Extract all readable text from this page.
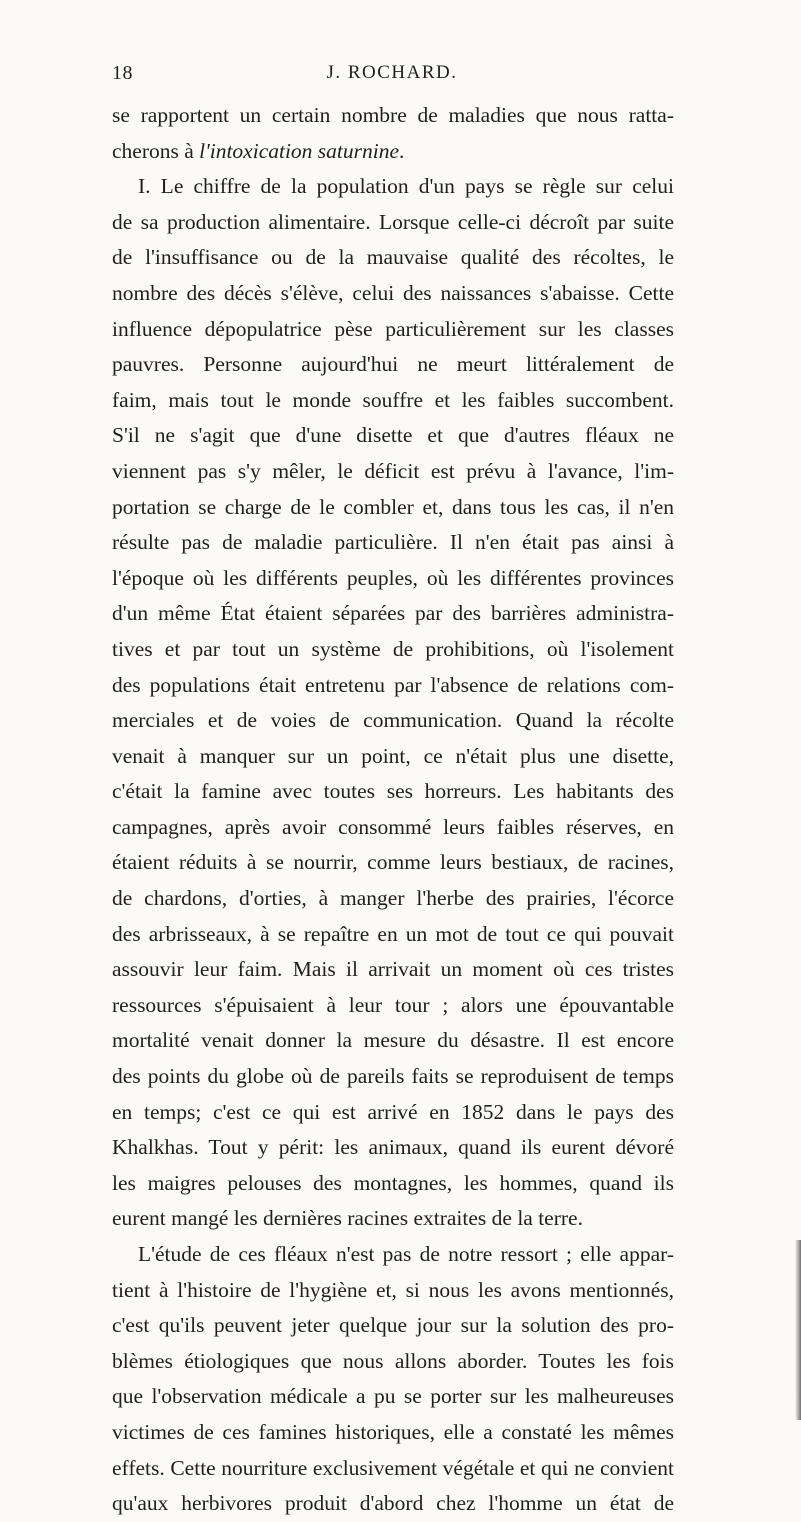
18	J. ROCHARD.
se rapportent un certain nombre de maladies que nous ratta-
cherons à l'intoxication saturnine.
I. Le chiffre de la population d'un pays se règle sur celui
de sa production alimentaire. Lorsque celle-ci décroît par suite
de l'insuffisance ou de la mauvaise qualité des récoltes, le
nombre des décès s'élève, celui des naissances s'abaisse. Cette
influence dépopulatrice pèse particulièrement sur les classes
pauvres. Personne aujourd'hui ne meurt littéralement de
faim, mais tout le monde souffre et les faibles succombent.
S'il ne s'agit que d'une disette et que d'autres fléaux ne
viennent pas s'y mêler, le déficit est prévu à l'avance, l'im-
portation se charge de le combler et, dans tous les cas, il n'en
résulte pas de maladie particulière. Il n'en était pas ainsi à
l'époque où les différents peuples, où les différentes provinces
d'un même État étaient séparées par des barrières administra-
tives et par tout un système de prohibitions, où l'isolement
des populations était entretenu par l'absence de relations com-
merciales et de voies de communication. Quand la récolte
venait à manquer sur un point, ce n'était plus une disette,
c'était la famine avec toutes ses horreurs. Les habitants des
campagnes, après avoir consommé leurs faibles réserves, en
étaient réduits à se nourrir, comme leurs bestiaux, de racines,
de chardons, d'orties, à manger l'herbe des prairies, l'écorce
des arbrisseaux, à se repaître en un mot de tout ce qui pouvait
assouvir leur faim. Mais il arrivait un moment où ces tristes
ressources s'épuisaient à leur tour ; alors une épouvantable
mortalité venait donner la mesure du désastre. Il est encore
des points du globe où de pareils faits se reproduisent de temps
en temps; c'est ce qui est arrivé en 1852 dans le pays des
Khalkhas. Tout y périt: les animaux, quand ils eurent dévoré
les maigres pelouses des montagnes, les hommes, quand ils
eurent mangé les dernières racines extraites de la terre.
L'étude de ces fléaux n'est pas de notre ressort ; elle appar-
tient à l'histoire de l'hygiène et, si nous les avons mentionnés,
c'est qu'ils peuvent jeter quelque jour sur la solution des pro-
blèmes étiologiques que nous allons aborder. Toutes les fois
que l'observation médicale a pu se porter sur les malheureuses
victimes de ces famines historiques, elle a constaté les mêmes
effets. Cette nourriture exclusivement végétale et qui ne convient
qu'aux herbivores produit d'abord chez l'homme un état de
